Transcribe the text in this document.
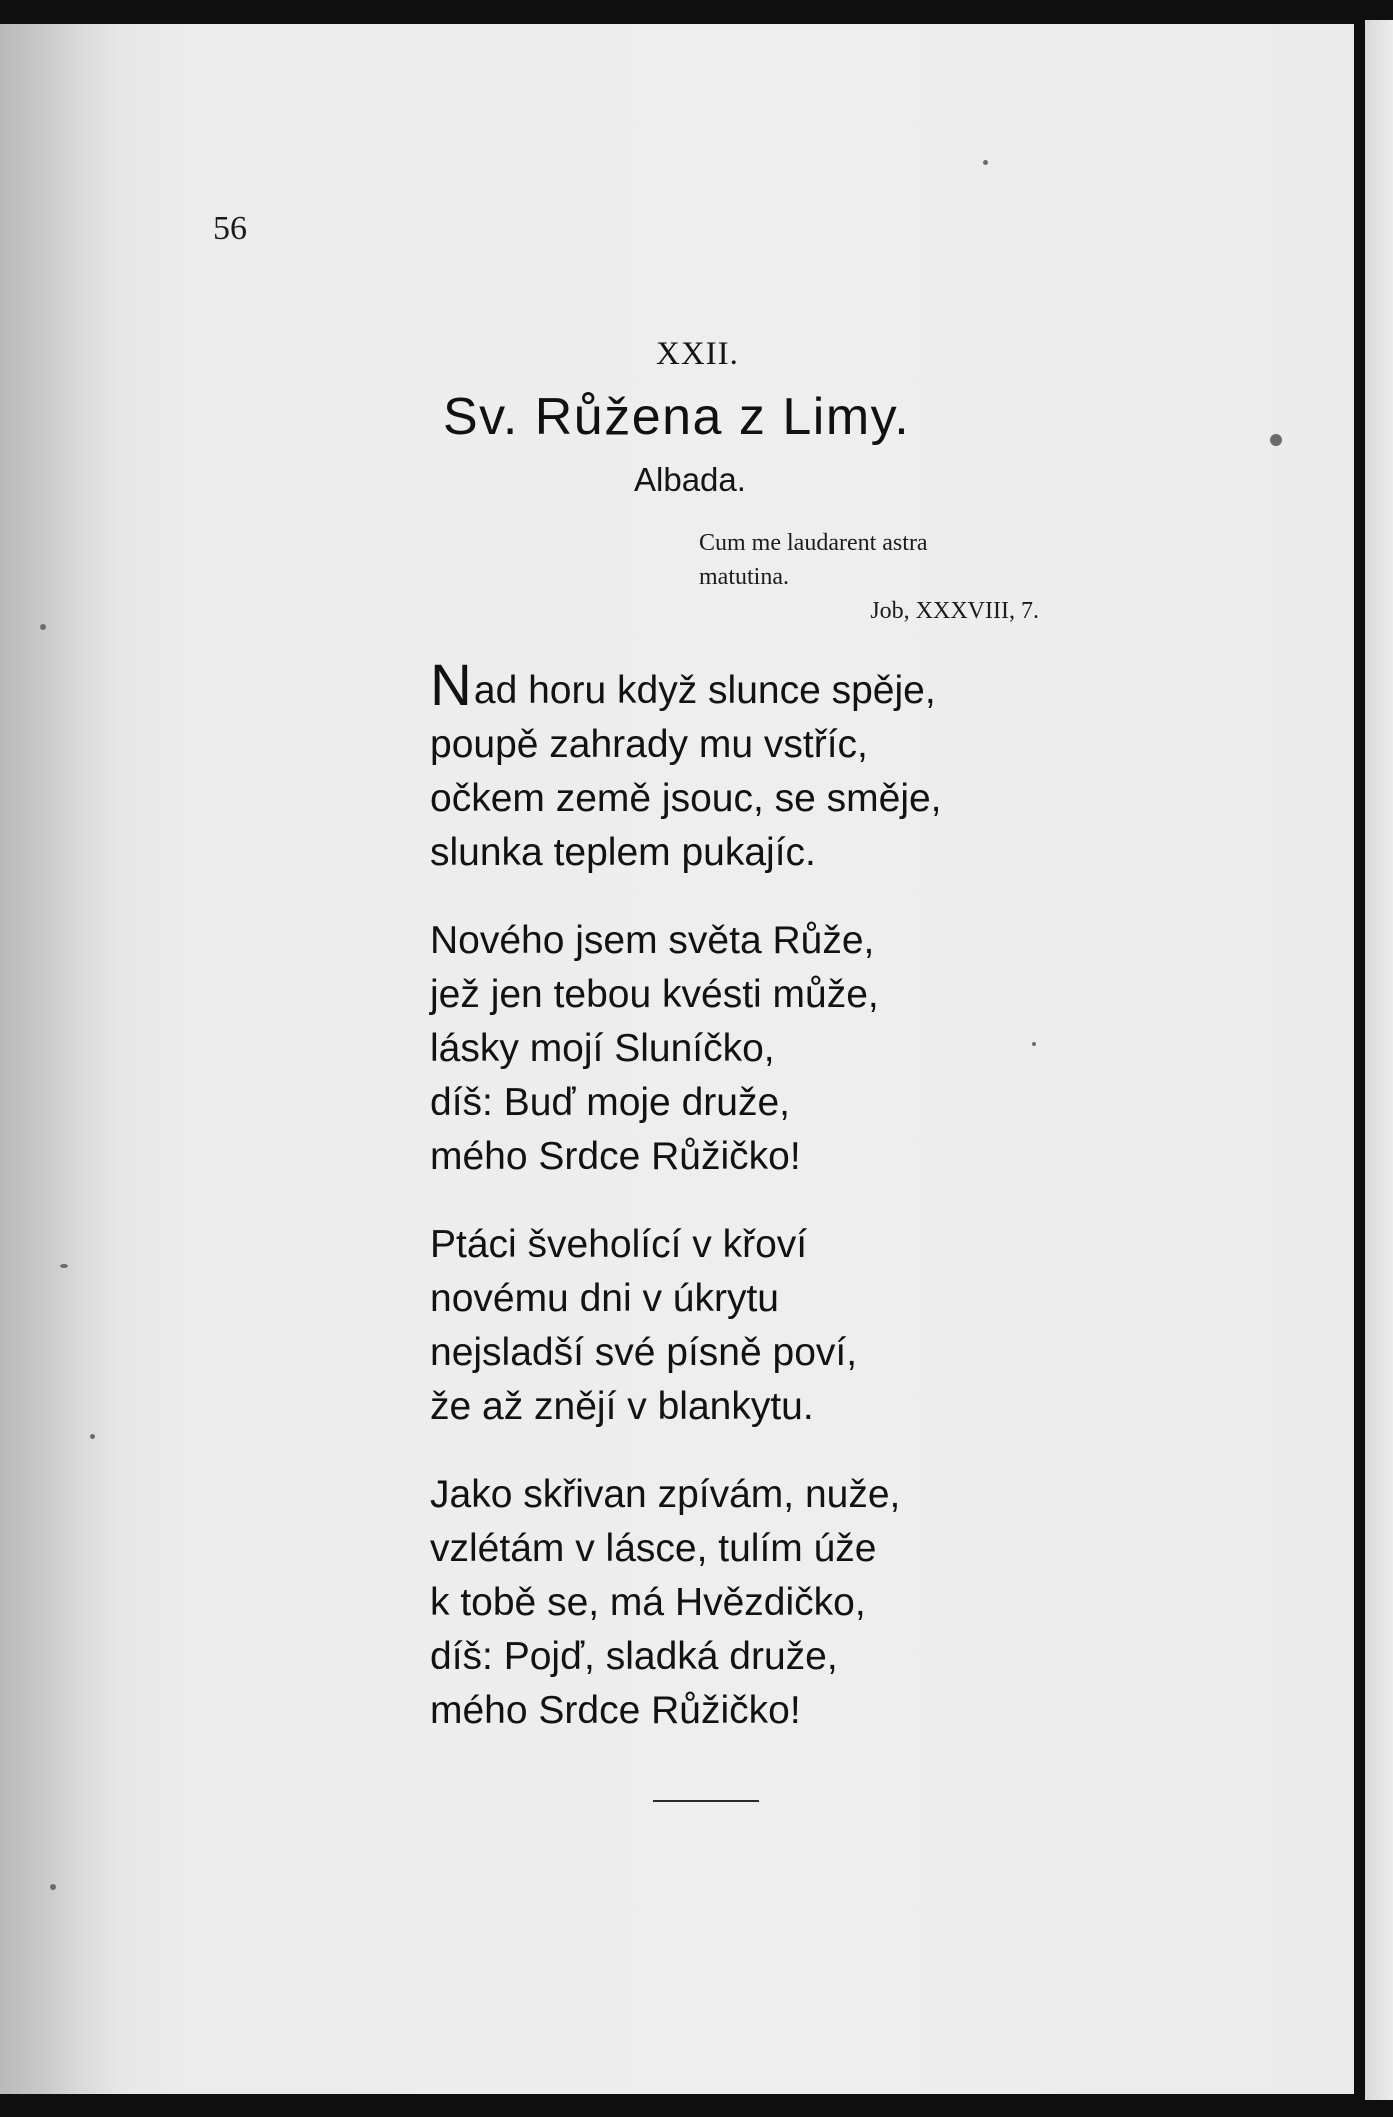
56
XXII.
Sv. Růžena z Limy.
Albada.
Cum me laudarent astra
matutina.
Job, XXXVIII, 7.
Nad horu když slunce spěje,
poupě zahrady mu vstříc,
očkem země jsouc, se směje,
slunka teplem pukajíc.
Nového jsem světa Růže,
jež jen tebou kvésti může,
lásky mojí Sluníčko,
díš: Buď moje druže,
mého Srdce Růžičko!
Ptáci šveholící v křoví
novému dni v úkrytu
nejsladší své písně poví,
že až znějí v blankytu.
Jako skřivan zpívám, nuže,
vzlétám v lásce, tulím úže
k tobě se, má Hvězdičko,
díš: Pojď, sladká druže,
mého Srdce Růžičko!
